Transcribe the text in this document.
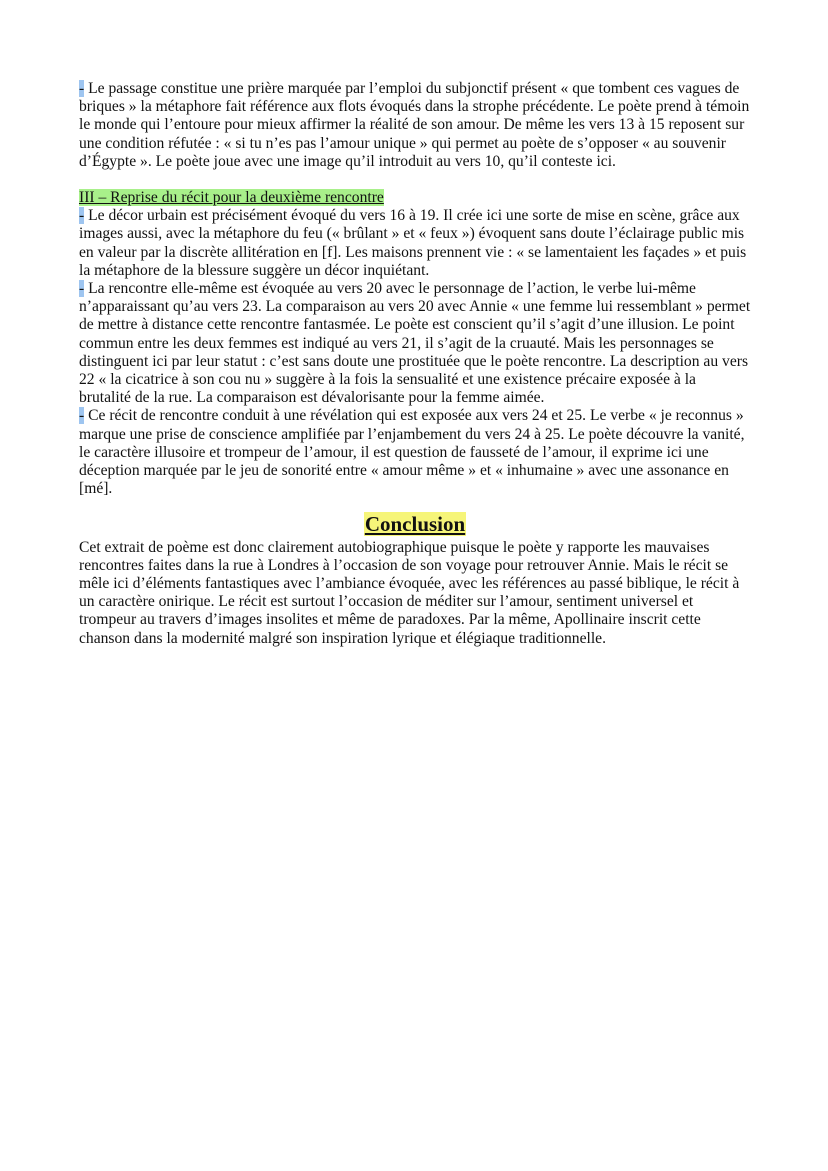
- Le passage constitue une prière marquée par l’emploi du subjonctif présent « que tombent ces vagues de briques » la métaphore fait référence aux flots évoqués dans la strophe précédente. Le poète prend à témoin le monde qui l’entoure pour mieux affirmer la réalité de son amour. De même les vers 13 à 15 reposent sur une condition réfutée : « si tu n’es pas l’amour unique » qui permet au poète de s’opposer « au souvenir d’Égypte ». Le poète joue avec une image qu’il introduit au vers 10, qu’il conteste ici.

III – Reprise du récit pour la deuxième rencontre

- Le décor urbain est précisément évoqué du vers 16 à 19. Il crée ici une sorte de mise en scène, grâce aux images aussi, avec la métaphore du feu (« brûlant » et « feux ») évoquent sans doute l’éclairage public mis en valeur par la discrète allitération en [f]. Les maisons prennent vie : « se lamentaient les façades » et puis la métaphore de la blessure suggère un décor inquiétant.

- La rencontre elle-même est évoquée au vers 20 avec le personnage de l’action, le verbe lui-même n’apparaissant qu’au vers 23. La comparaison au vers 20 avec Annie « une femme lui ressemblant » permet de mettre à distance cette rencontre fantasmée. Le poète est conscient qu’il s’agit d’une illusion. Le point commun entre les deux femmes est indiqué au vers 21, il s’agit de la cruauté. Mais les personnages se distinguent ici par leur statut : c’est sans doute une prostituée que le poète rencontre. La description au vers 22 « la cicatrice à son cou nu » suggère à la fois la sensualité et une existence précaire exposée à la brutalité de la rue. La comparaison est dévalorisante pour la femme aimée.

- Ce récit de rencontre conduit à une révélation qui est exposée aux vers 24 et 25. Le verbe « je reconnus » marque une prise de conscience amplifiée par l’enjambement du vers 24 à 25. Le poète découvre la vanité, le caractère illusoire et trompeur de l’amour, il est question de fausseté de l’amour, il exprime ici une déception marquée par le jeu de sonorité entre « amour même » et « inhumaine » avec une assonance en [mé].

Conclusion

Cet extrait de poème est donc clairement autobiographique puisque le poète y rapporte les mauvaises rencontres faites dans la rue à Londres à l’occasion de son voyage pour retrouver Annie. Mais le récit se mêle ici d’éléments fantastiques avec l’ambiance évoquée, avec les références au passé biblique, le récit à un caractère onirique. Le récit est surtout l’occasion de méditer sur l’amour, sentiment universel et trompeur au travers d’images insolites et même de paradoxes. Par la même, Apollinaire inscrit cette chanson dans la modernité malgré son inspiration lyrique et élégiaque traditionnelle.
